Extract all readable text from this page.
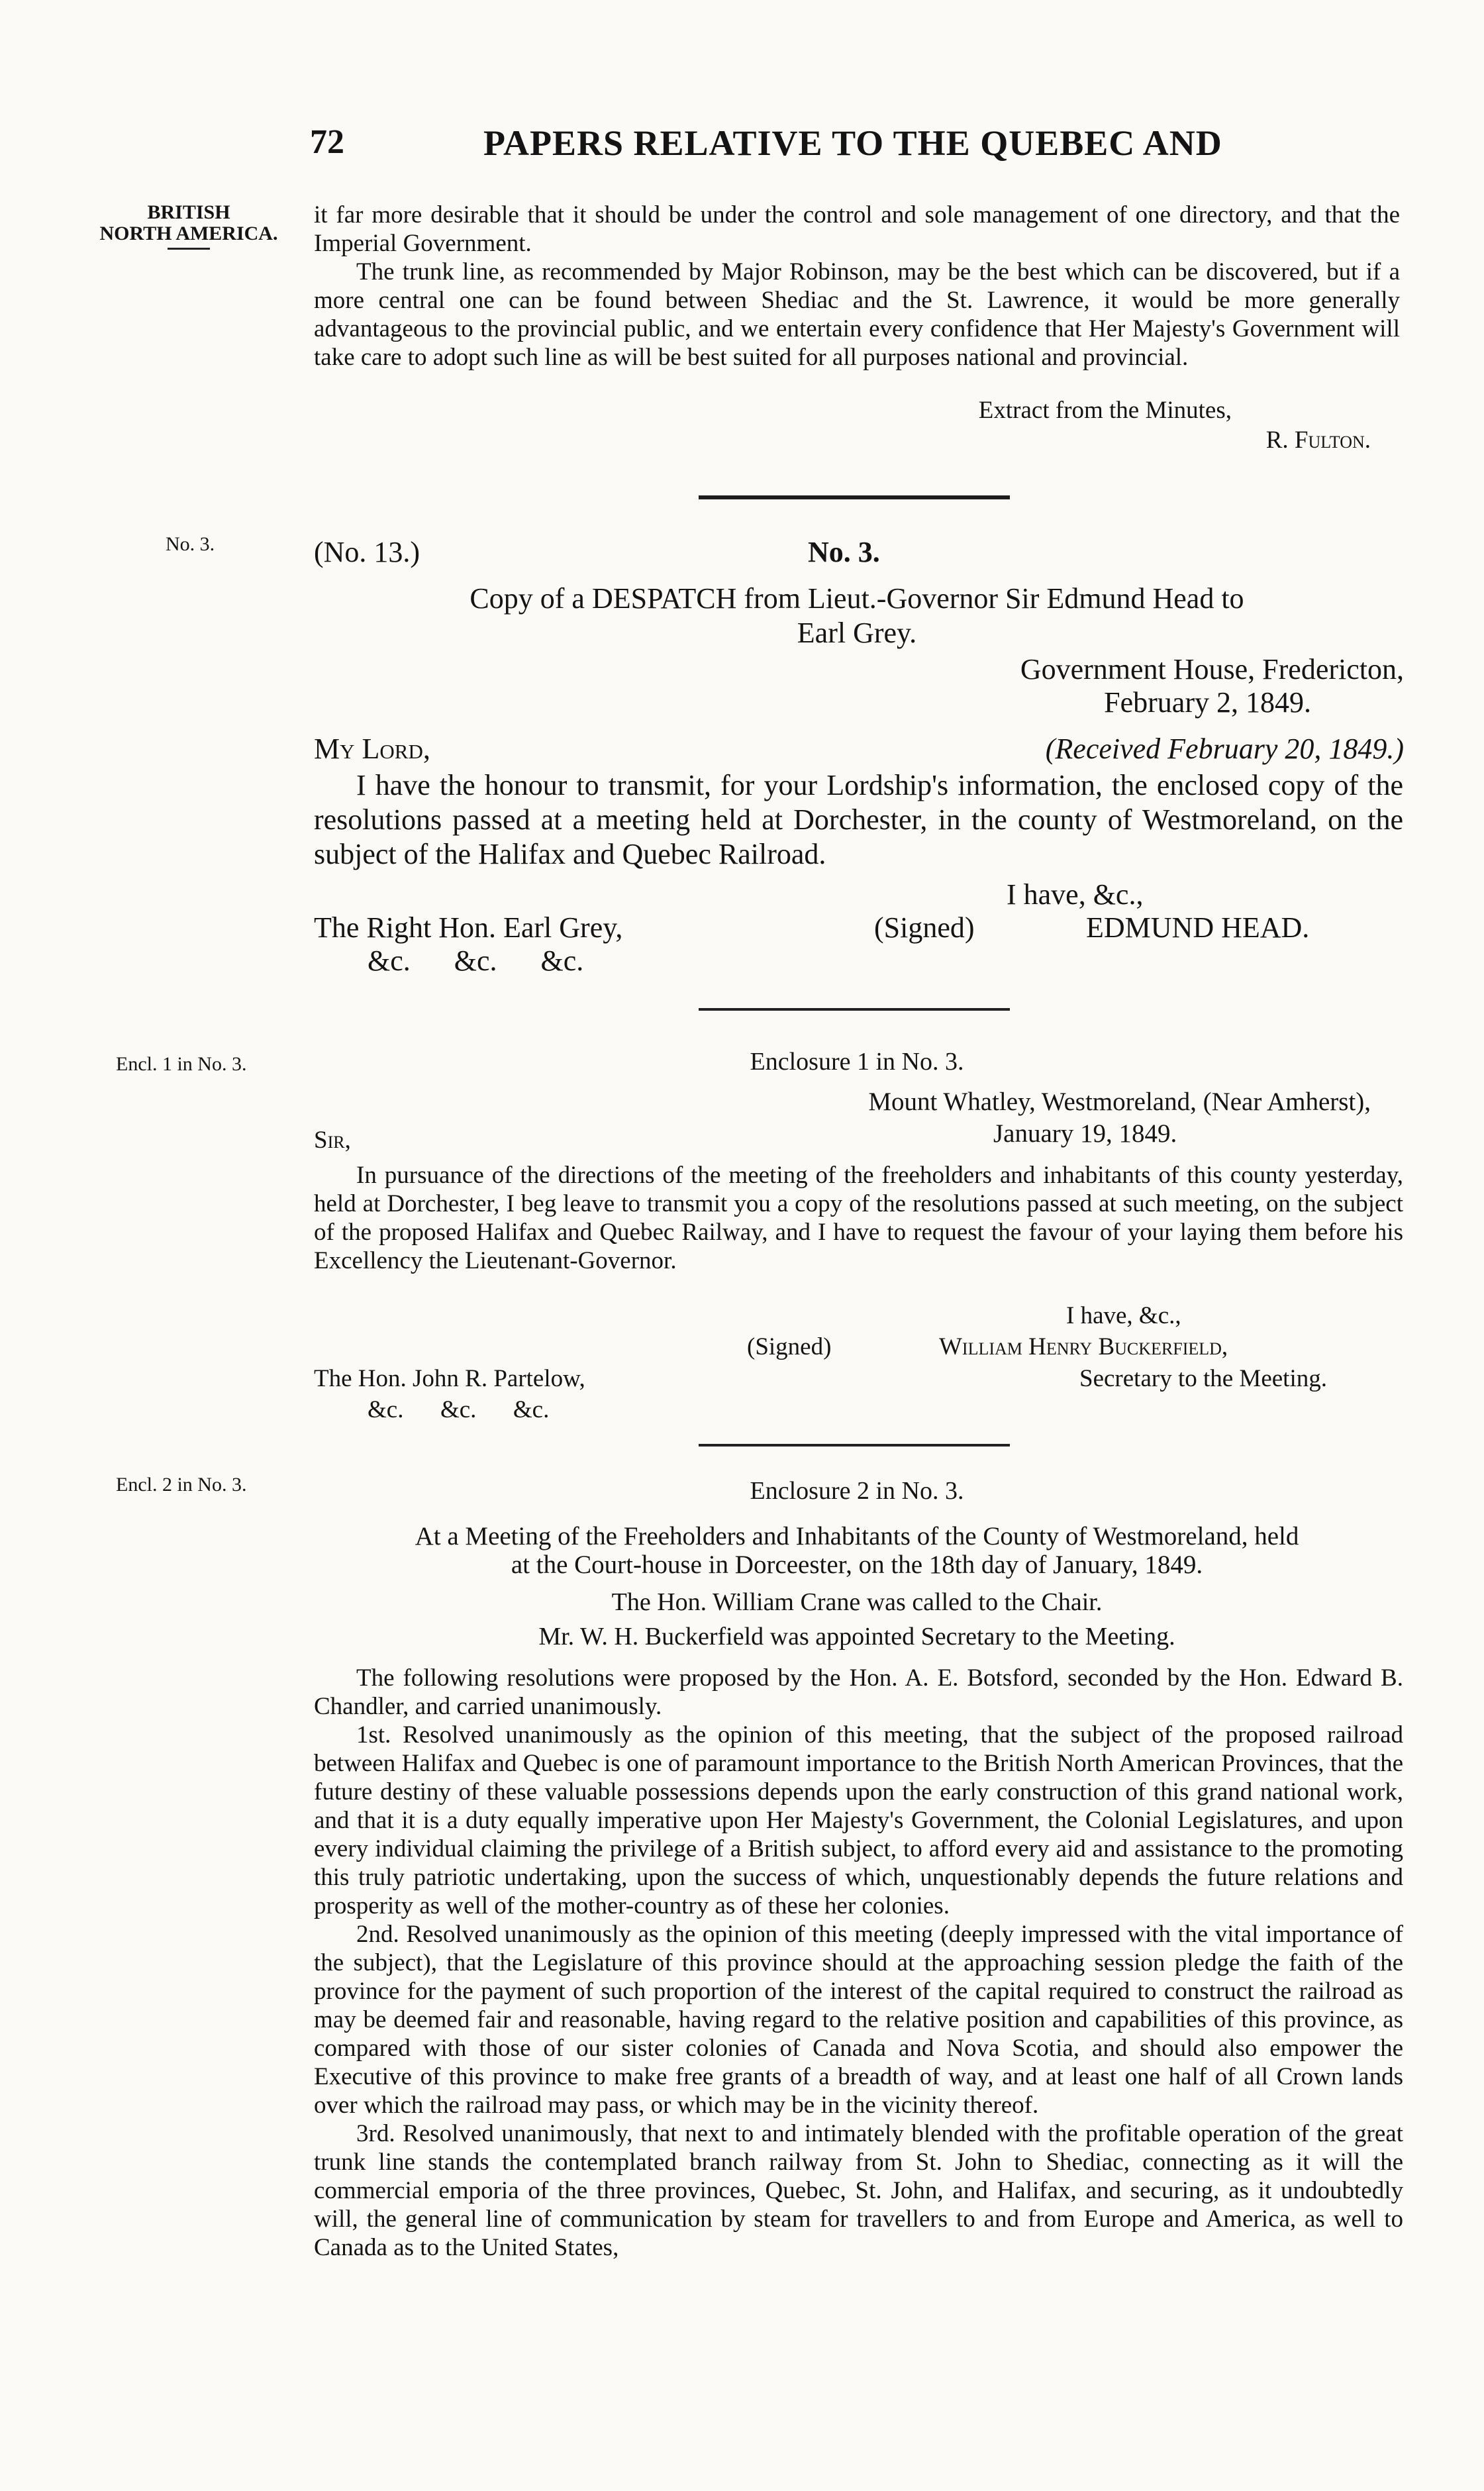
72	PAPERS RELATIVE TO THE QUEBEC AND
BRITISH
NORTH AMERICA.
No. 3.
Encl. 1 in No. 3.
Encl. 2 in No. 3.

it far more desirable that it should be under the control and sole management of one directory, and that the Imperial Government.

The trunk line, as recommended by Major Robinson, may be the best which can be discovered, but if a more central one can be found between Shediac and the St. Lawrence, it would be more generally advantageous to the provincial public, and we entertain every confidence that Her Majesty's Government will take care to adopt such line as will be best suited for all purposes national and provincial.

Extract from the Minutes,
R. Fulton.
(No. 13.)	No. 3.
Copy of a DESPATCH from Lieut.-Governor Sir Edmund Head to
Earl Grey.
Government House, Fredericton,
February 2, 1849.
My Lord,	(Received February 20, 1849.)
I have the honour to transmit, for your Lordship's information, the enclosed copy of the resolutions passed at a meeting held at Dorchester, in the county of Westmoreland, on the subject of the Halifax and Quebec Railroad.
I have, &c.,
The Right Hon. Earl Grey,	(Signed)	EDMUND HEAD.
&c.      &c.      &c.
Enclosure 1 in No. 3.
Mount Whatley, Westmoreland, (Near Amherst),
January 19, 1849.
Sir,
In pursuance of the directions of the meeting of the freeholders and inhabitants of this county yesterday, held at Dorchester, I beg leave to transmit you a copy of the resolutions passed at such meeting, on the subject of the proposed Halifax and Quebec Railway, and I have to request the favour of your laying them before his Excellency the Lieutenant-Governor.
I have, &c.,
(Signed)	William Henry Buckerfield,
Secretary to the Meeting.
The Hon. John R. Partelow,
&c.      &c.      &c.
Enclosure 2 in No. 3.
At a Meeting of the Freeholders and Inhabitants of the County of Westmoreland, held
at the Court-house in Dorceester, on the 18th day of January, 1849.
The Hon. William Crane was called to the Chair.
Mr. W. H. Buckerfield was appointed Secretary to the Meeting.

The following resolutions were proposed by the Hon. A. E. Botsford, seconded by the Hon. Edward B. Chandler, and carried unanimously.

1st. Resolved unanimously as the opinion of this meeting, that the subject of the proposed railroad between Halifax and Quebec is one of paramount importance to the British North American Provinces, that the future destiny of these valuable possessions depends upon the early construction of this grand national work, and that it is a duty equally imperative upon Her Majesty's Government, the Colonial Legislatures, and upon every individual claiming the privilege of a British subject, to afford every aid and assistance to the promoting this truly patriotic undertaking, upon the success of which, unquestionably depends the future relations and prosperity as well of the mother-country as of these her colonies.

2nd. Resolved unanimously as the opinion of this meeting (deeply impressed with the vital importance of the subject), that the Legislature of this province should at the approaching session pledge the faith of the province for the payment of such proportion of the interest of the capital required to construct the railroad as may be deemed fair and reasonable, having regard to the relative position and capabilities of this province, as compared with those of our sister colonies of Canada and Nova Scotia, and should also empower the Executive of this province to make free grants of a breadth of way, and at least one half of all Crown lands over which the railroad may pass, or which may be in the vicinity thereof.

3rd. Resolved unanimously, that next to and intimately blended with the profitable operation of the great trunk line stands the contemplated branch railway from St. John to Shediac, connecting as it will the commercial emporia of the three provinces, Quebec, St. John, and Halifax, and securing, as it undoubtedly will, the general line of communication by steam for travellers to and from Europe and America, as well to Canada as to the United States,
